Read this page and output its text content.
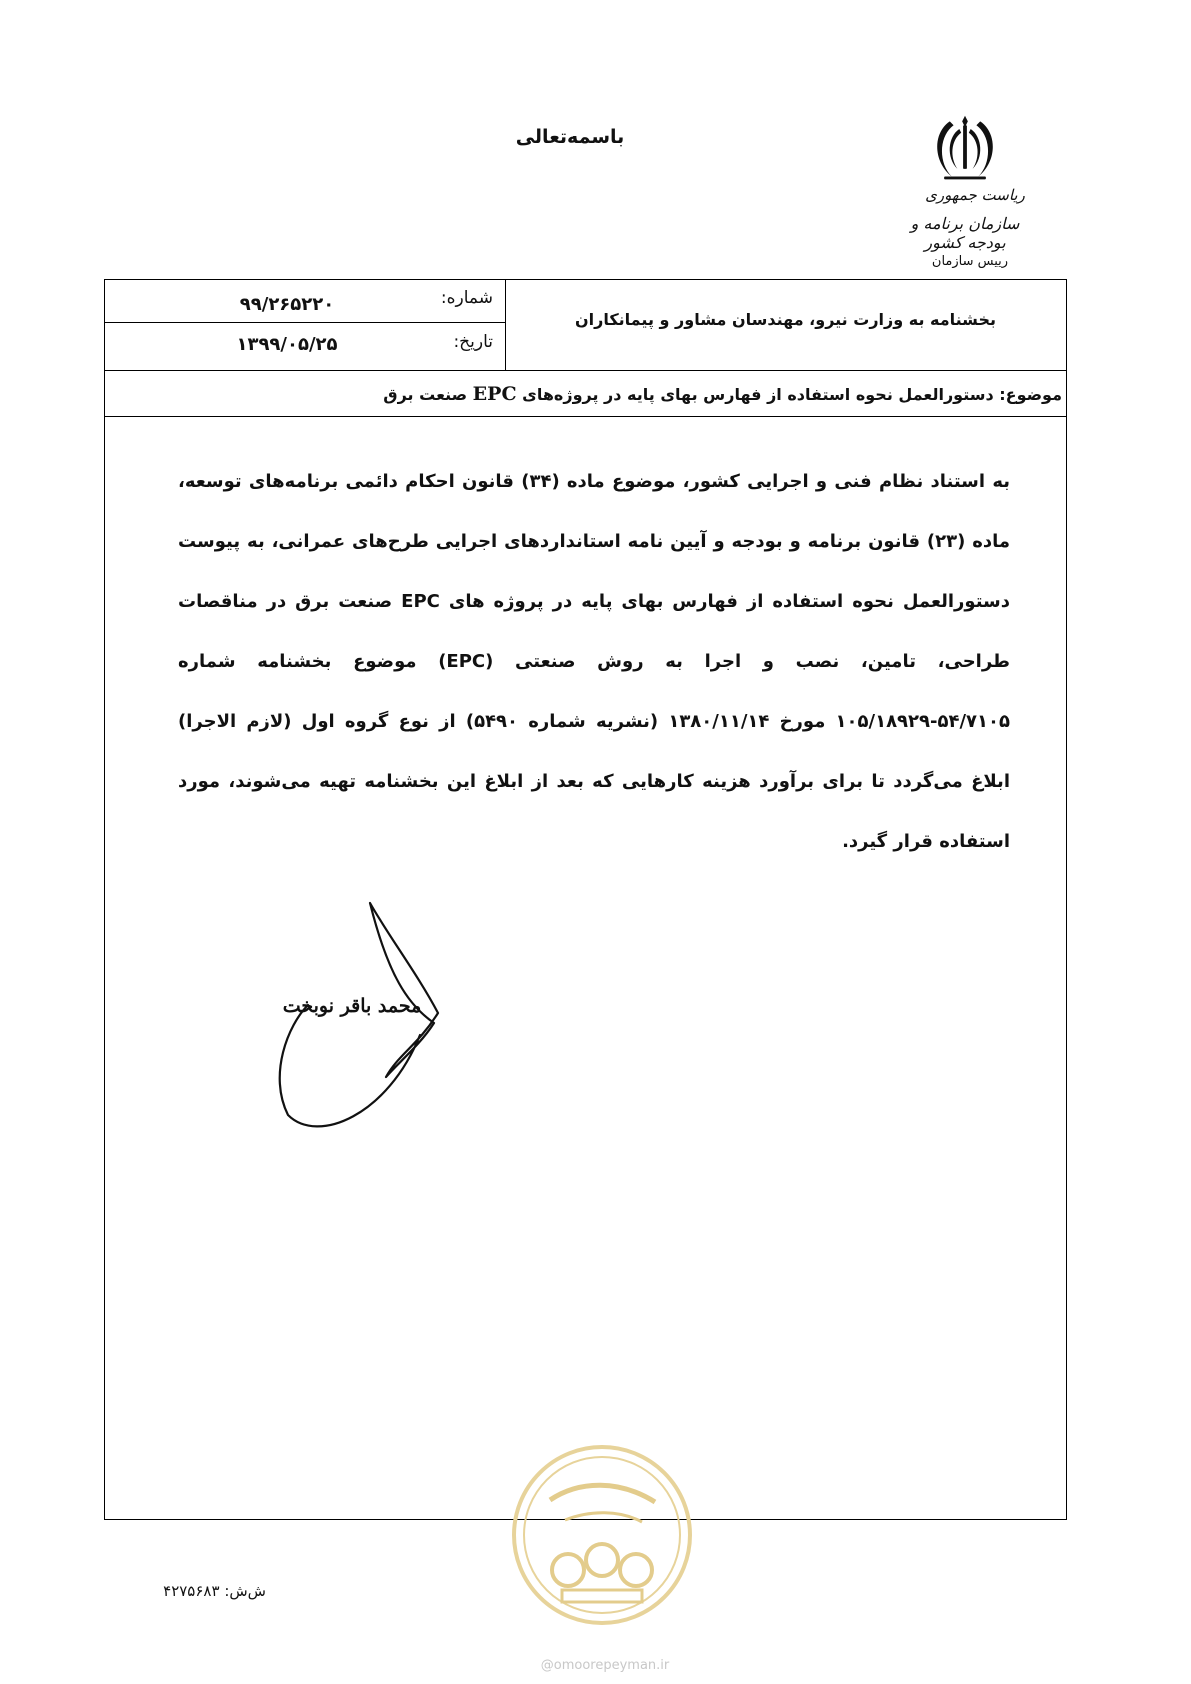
باسمه‌تعالی
ریاست جمهوری
سازمان برنامه و بودجه کشور
رییس سازمان
شماره:
۹۹/۲۶۵۲۲۰
تاریخ:
۱۳۹۹/۰۵/۲۵
بخشنامه به وزارت نیرو، مهندسان مشاور و پیمانکاران
موضوع: دستورالعمل نحوه استفاده از فهارس بهای پایه در پروژه‌های EPC صنعت برق

به استناد نظام فنی و اجرایی کشور، موضوع ماده (۳۴) قانون احکام دائمی برنامه‌های توسعه، ماده (۲۳) قانون برنامه و بودجه و آیین نامه استانداردهای اجرایی طرح‌های عمرانی، به پیوست دستورالعمل نحوه استفاده از فهارس بهای پایه در پروژه های EPC صنعت برق در مناقصات طراحی، تامین، نصب و اجرا به روش صنعتی (EPC) موضوع بخشنامه شماره ۵۴/۷۱۰۵-۱۰۵/۱۸۹۲۹ مورخ ۱۳۸۰/۱۱/۱۴ (نشریه شماره ۵۴۹۰) از نوع گروه اول (لازم الاجرا) ابلاغ می‌گردد تا برای برآورد هزینه کارهایی که بعد از ابلاغ این بخشنامه تهیه می‌شوند، مورد استفاده قرار گیرد.

محمد باقر نوبخت
ش‌ش: ۴۲۷۵۶۸۳
@omoorepeyman.ir
